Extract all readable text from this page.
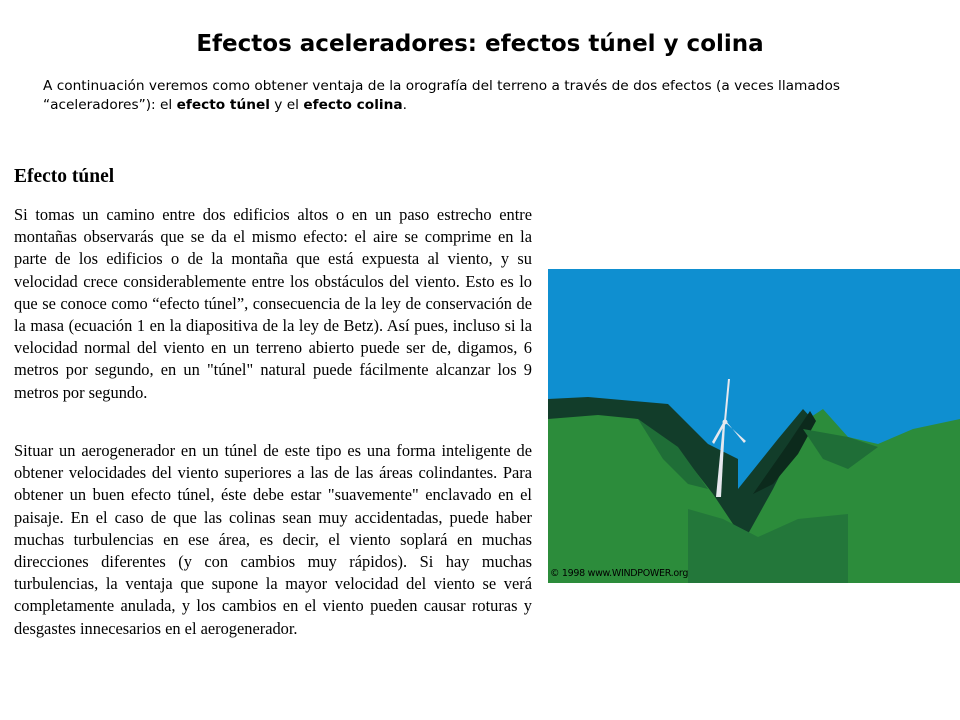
Efectos aceleradores: efectos túnel y colina
A continuación veremos como obtener ventaja de la orografía del terreno a través de dos efectos (a veces llamados “aceleradores”): el efecto túnel y el efecto colina.
Efecto túnel

Si tomas un camino entre dos edificios altos o en un paso estrecho entre montañas observarás que se da el mismo efecto: el aire se comprime en la parte de los edificios o de la montaña que está expuesta al viento, y su velocidad crece considerablemente entre los obstáculos del viento. Esto es lo que se conoce como “efecto túnel”, consecuencia de la ley de conservación de la masa (ecuación 1 en la diapositiva de la ley de Betz). Así pues, incluso si la velocidad normal del viento en un terreno abierto puede ser de, digamos, 6 metros por segundo, en un "túnel" natural puede fácilmente alcanzar los 9 metros por segundo.

Situar un aerogenerador en un túnel de este tipo es una forma inteligente de obtener velocidades del viento superiores a las de las áreas colindantes. Para obtener un buen efecto túnel, éste debe estar "suavemente" enclavado en el paisaje. En el caso de que las colinas sean muy accidentadas, puede haber muchas turbulencias en ese área, es decir, el viento soplará en muchas direcciones diferentes (y con cambios muy rápidos). Si hay muchas turbulencias, la ventaja que supone la mayor velocidad del viento se verá completamente anulada, y los cambios en el viento pueden causar roturas y desgastes innecesarios en el aerogenerador.

© 1998 www.WINDPOWER.org
